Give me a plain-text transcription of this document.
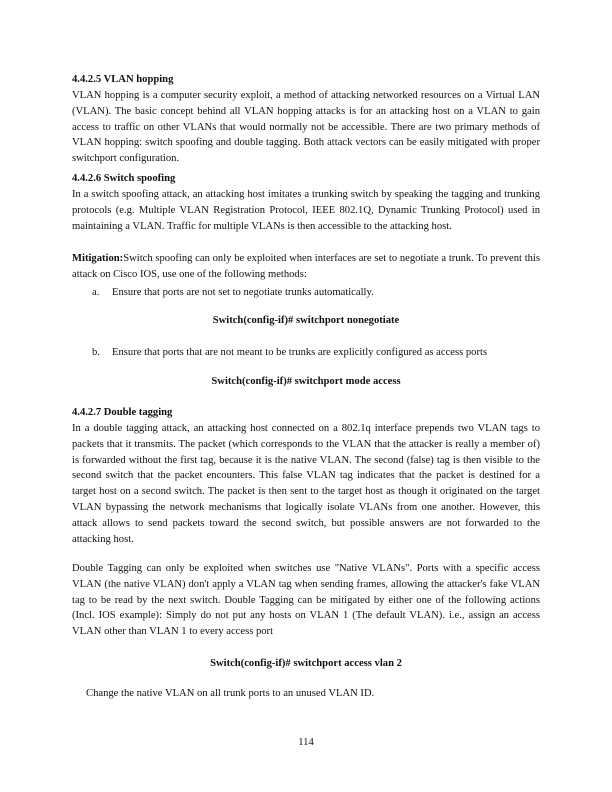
4.4.2.5 VLAN hopping
VLAN hopping is a computer security exploit, a method of attacking networked resources on a Virtual LAN (VLAN). The basic concept behind all VLAN hopping attacks is for an attacking host on a VLAN to gain access to traffic on other VLANs that would normally not be accessible. There are two primary methods of VLAN hopping: switch spoofing and double tagging. Both attack vectors can be easily mitigated with proper switchport configuration.
4.4.2.6 Switch spoofing
In a switch spoofing attack, an attacking host imitates a trunking switch by speaking the tagging and trunking protocols (e.g. Multiple VLAN Registration Protocol, IEEE 802.1Q, Dynamic Trunking Protocol) used in maintaining a VLAN. Traffic for multiple VLANs is then accessible to the attacking host.
Mitigation:Switch spoofing can only be exploited when interfaces are set to negotiate a trunk. To prevent this attack on Cisco IOS, use one of the following methods:
a. Ensure that ports are not set to negotiate trunks automatically.
Switch(config-if)# switchport nonegotiate
b. Ensure that ports that are not meant to be trunks are explicitly configured as access ports
Switch(config-if)# switchport mode access
4.4.2.7 Double tagging
In a double tagging attack, an attacking host connected on a 802.1q interface prepends two VLAN tags to packets that it transmits. The packet (which corresponds to the VLAN that the attacker is really a member of) is forwarded without the first tag, because it is the native VLAN. The second (false) tag is then visible to the second switch that the packet encounters. This false VLAN tag indicates that the packet is destined for a target host on a second switch. The packet is then sent to the target host as though it originated on the target VLAN bypassing the network mechanisms that logically isolate VLANs from one another. However, this attack allows to send packets toward the second switch, but possible answers are not forwarded to the attacking host.
Double Tagging can only be exploited when switches use "Native VLANs". Ports with a specific access VLAN (the native VLAN) don't apply a VLAN tag when sending frames, allowing the attacker's fake VLAN tag to be read by the next switch. Double Tagging can be mitigated by either one of the following actions (Incl. IOS example): Simply do not put any hosts on VLAN 1 (The default VLAN). i.e., assign an access VLAN other than VLAN 1 to every access port
Switch(config-if)# switchport access vlan 2
Change the native VLAN on all trunk ports to an unused VLAN ID.
114
